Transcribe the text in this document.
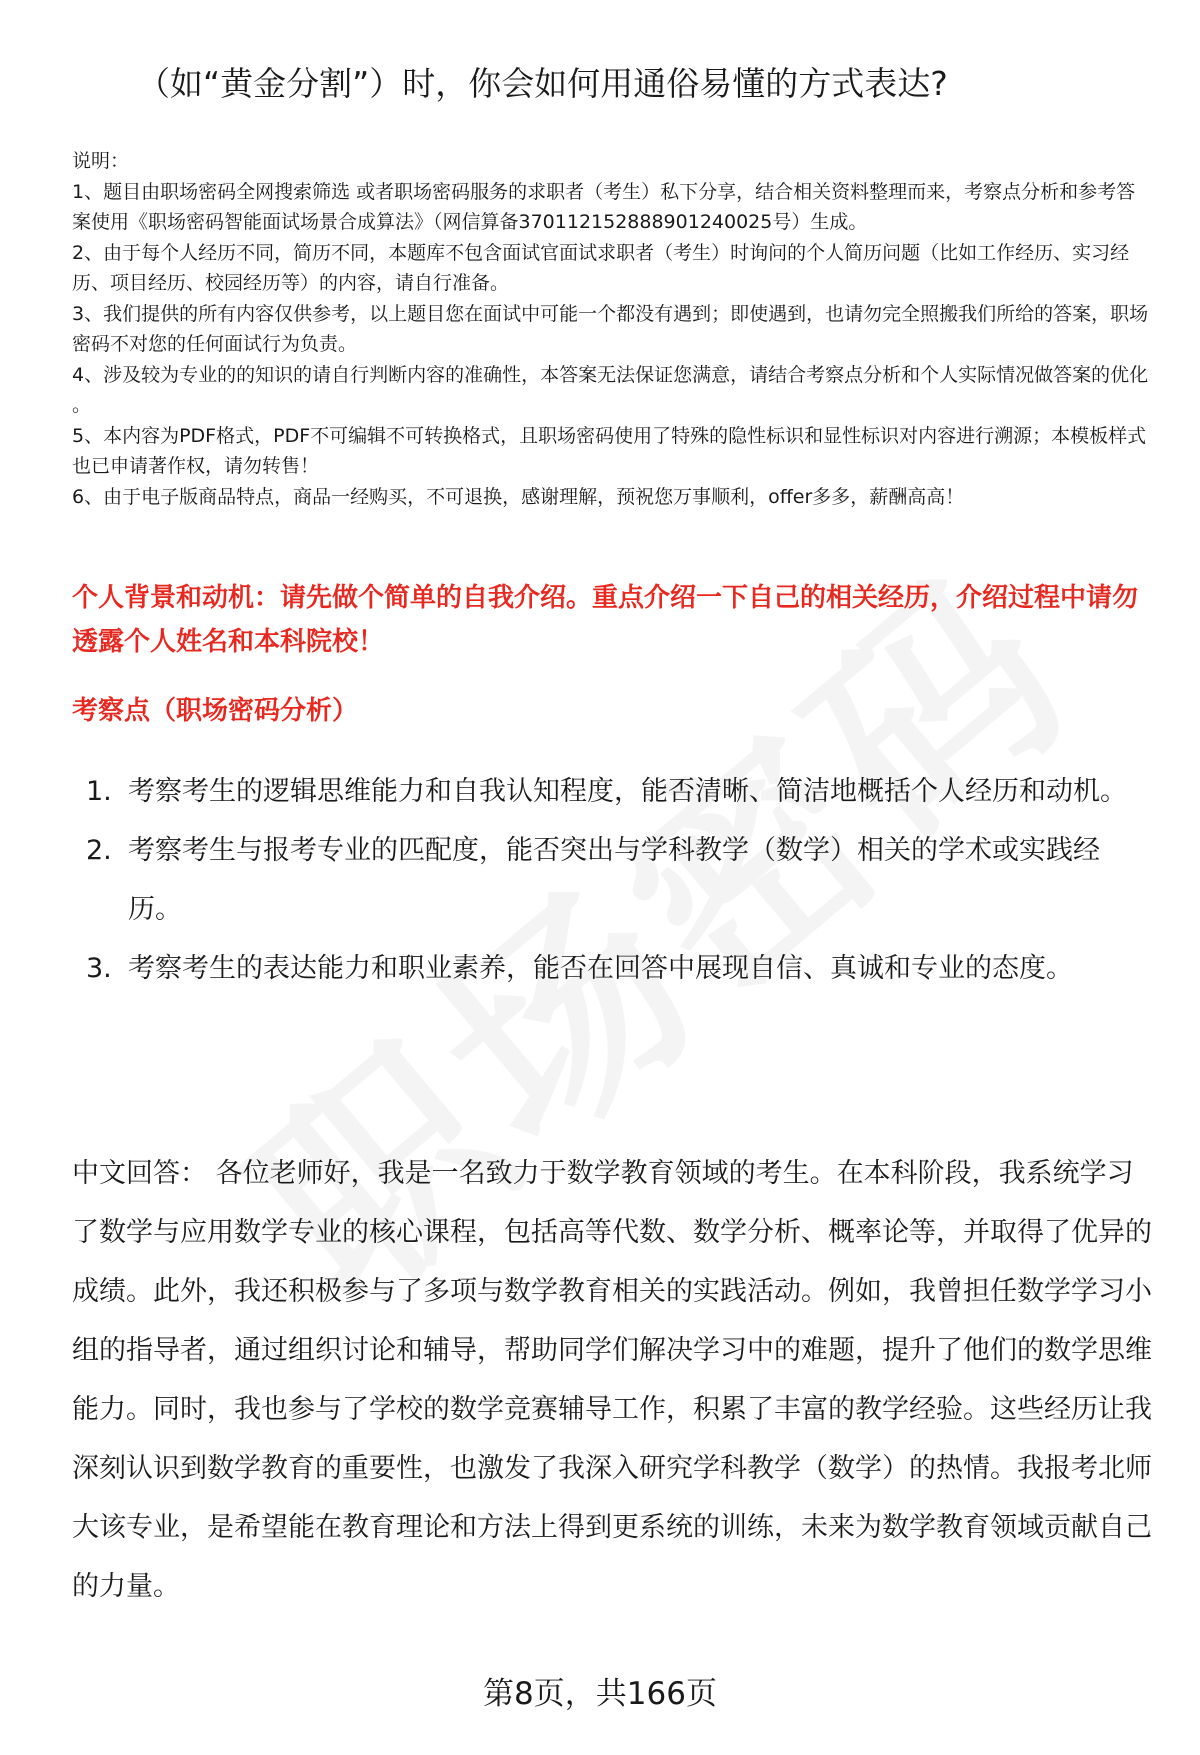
（如“黄金分割”）时，你会如何用通俗易懂的方式表达?

说明：

1、题目由职场密码全网搜索筛选 或者职场密码服务的求职者（考生）私下分享，结合相关资料整理而来，考察点分析和参考答案使用《职场密码智能面试场景合成算法》（网信算备370112152888901240025号）生成。

2、由于每个人经历不同，简历不同，本题库不包含面试官面试求职者（考生）时询问的个人简历问题（比如工作经历、实习经历、项目经历、校园经历等）的内容，请自行准备。

3、我们提供的所有内容仅供参考，以上题目您在面试中可能一个都没有遇到；即使遇到，也请勿完全照搬我们所给的答案，职场密码不对您的任何面试行为负责。

4、涉及较为专业的的知识的请自行判断内容的准确性，本答案无法保证您满意，请结合考察点分析和个人实际情况做答案的优化 。

5、本内容为PDF格式，PDF不可编辑不可转换格式，且职场密码使用了特殊的隐性标识和显性标识对内容进行溯源；本模板样式也已申请著作权，请勿转售！

6、由于电子版商品特点，商品一经购买，不可退换，感谢理解，预祝您万事顺利，offer多多，薪酬高高！

个人背景和动机：请先做个简单的自我介绍。重点介绍一下自己的相关经历，介绍过程中请勿透露个人姓名和本科院校！

考察点（职场密码分析）

1. 考察考生的逻辑思维能力和自我认知程度，能否清晰、简洁地概括个人经历和动机。
2. 考察考生与报考专业的匹配度，能否突出与学科教学（数学）相关的学术或实践经历。
3. 考察考生的表达能力和职业素养，能否在回答中展现自信、真诚和专业的态度。

中文回答： 各位老师好，我是一名致力于数学教育领域的考生。在本科阶段，我系统学习了数学与应用数学专业的核心课程，包括高等代数、数学分析、概率论等，并取得了优异的成绩。此外，我还积极参与了多项与数学教育相关的实践活动。例如，我曾担任数学学习小组的指导者，通过组织讨论和辅导，帮助同学们解决学习中的难题，提升了他们的数学思维能力。同时，我也参与了学校的数学竞赛辅导工作，积累了丰富的教学经验。这些经历让我深刻认识到数学教育的重要性，也激发了我深入研究学科教学（数学）的热情。我报考北师大该专业，是希望能在教育理论和方法上得到更系统的训练，未来为数学教育领域贡献自己的力量。

第8页，共166页
